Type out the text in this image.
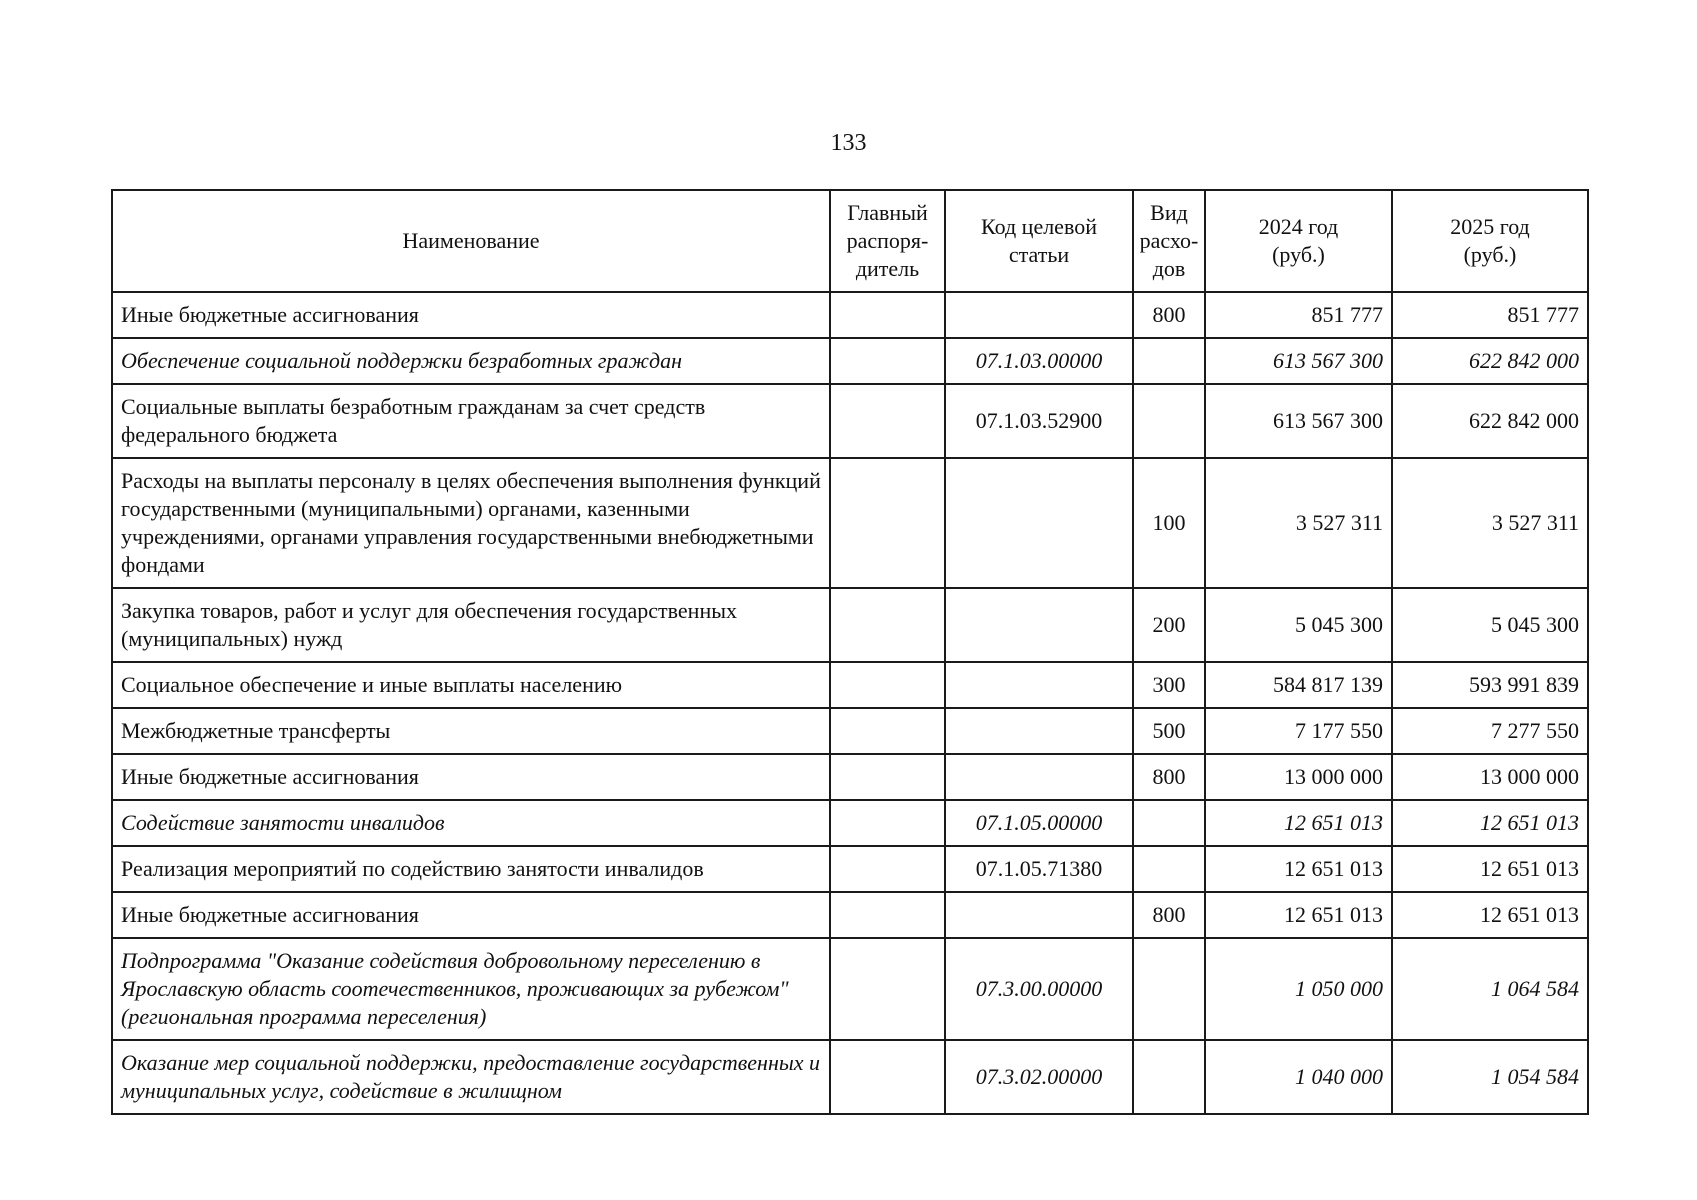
133
Наименование	Главный распоря-дитель	Код целевой статьи	Вид расхо-дов	2024 год (руб.)	2025 год (руб.)
Иные бюджетные ассигнования			800	851 777	851 777
Обеспечение социальной поддержки безработных граждан		07.1.03.00000		613 567 300	622 842 000
Социальные выплаты безработным гражданам за счет средств федерального бюджета		07.1.03.52900		613 567 300	622 842 000
Расходы на выплаты персоналу в целях обеспечения выполнения функций государственными (муниципальными) органами, казенными учреждениями, органами управления государственными внебюджетными фондами			100	3 527 311	3 527 311
Закупка товаров, работ и услуг для обеспечения государственных (муниципальных) нужд			200	5 045 300	5 045 300
Социальное обеспечение и иные выплаты населению			300	584 817 139	593 991 839
Межбюджетные трансферты			500	7 177 550	7 277 550
Иные бюджетные ассигнования			800	13 000 000	13 000 000
Содействие занятости инвалидов		07.1.05.00000		12 651 013	12 651 013
Реализация мероприятий по содействию занятости инвалидов		07.1.05.71380		12 651 013	12 651 013
Иные бюджетные ассигнования			800	12 651 013	12 651 013
Подпрограмма "Оказание содействия добровольному переселению в Ярославскую область соотечественников, проживающих за рубежом" (региональная программа переселения)		07.3.00.00000		1 050 000	1 064 584
Оказание мер социальной поддержки, предоставление государственных и муниципальных услуг, содействие в жилищном		07.3.02.00000		1 040 000	1 054 584
